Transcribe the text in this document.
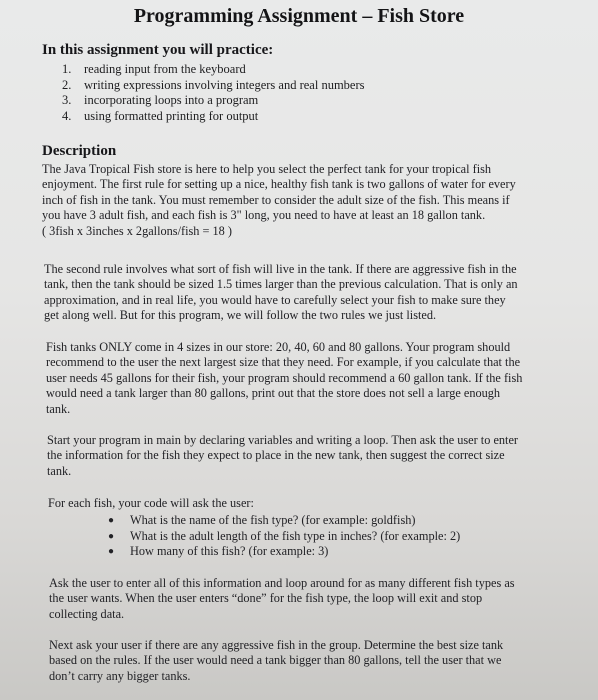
Programming Assignment – Fish Store
In this assignment you will practice:
1. reading input from the keyboard
2. writing expressions involving integers and real numbers
3. incorporating loops into a program
4. using formatted printing for output
Description
The Java Tropical Fish store is here to help you select the perfect tank for your tropical fish
enjoyment. The first rule for setting up a nice, healthy fish tank is two gallons of water for every
inch of fish in the tank. You must remember to consider the adult size of the fish. This means if
you have 3 adult fish, and each fish is 3" long, you need to have at least an 18 gallon tank.
( 3fish x 3inches x 2gallons/fish = 18 )
The second rule involves what sort of fish will live in the tank. If there are aggressive fish in the
tank, then the tank should be sized 1.5 times larger than the previous calculation. That is only an
approximation, and in real life, you would have to carefully select your fish to make sure they
get along well. But for this program, we will follow the two rules we just listed.
Fish tanks ONLY come in 4 sizes in our store: 20, 40, 60 and 80 gallons. Your program should
recommend to the user the next largest size that they need. For example, if you calculate that the
user needs 45 gallons for their fish, your program should recommend a 60 gallon tank. If the fish
would need a tank larger than 80 gallons, print out that the store does not sell a large enough
tank.
Start your program in main by declaring variables and writing a loop. Then ask the user to enter
the information for the fish they expect to place in the new tank, then suggest the correct size
tank.
For each fish, your code will ask the user:
● What is the name of the fish type? (for example: goldfish)
● What is the adult length of the fish type in inches? (for example: 2)
● How many of this fish? (for example: 3)
Ask the user to enter all of this information and loop around for as many different fish types as
the user wants. When the user enters “done” for the fish type, the loop will exit and stop
collecting data.
Next ask your user if there are any aggressive fish in the group. Determine the best size tank
based on the rules. If the user would need a tank bigger than 80 gallons, tell the user that we
don’t carry any bigger tanks.
